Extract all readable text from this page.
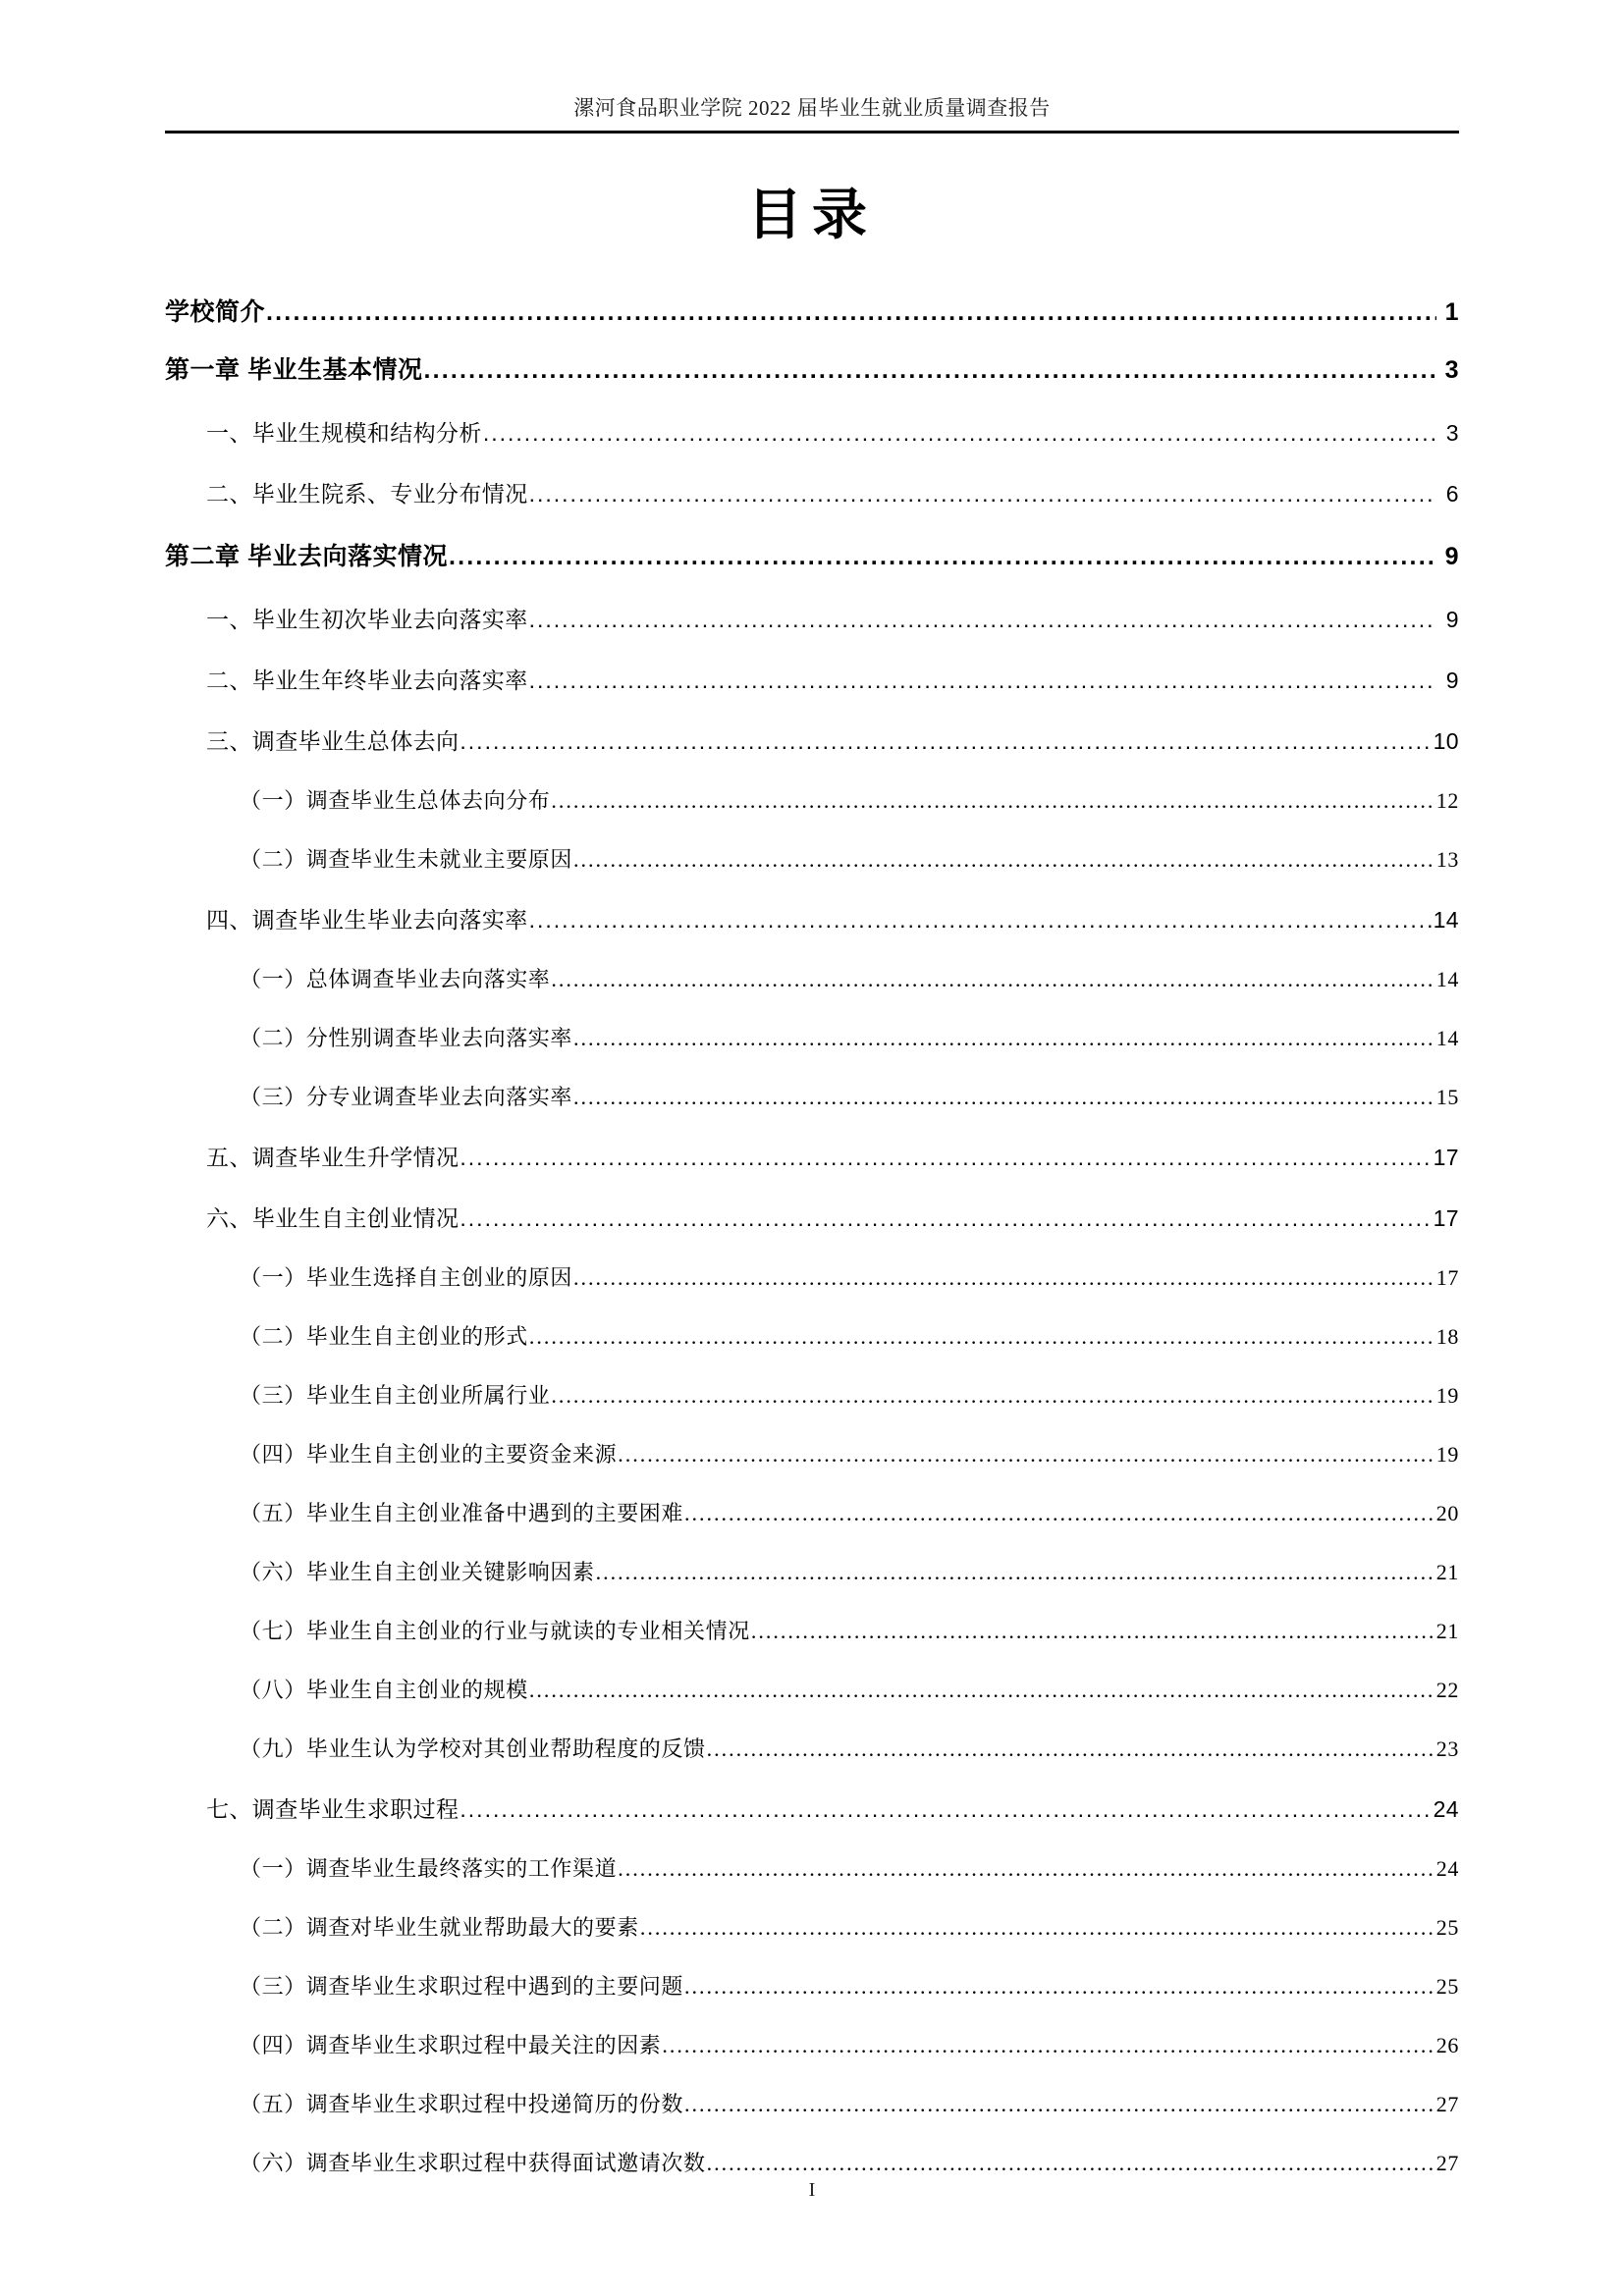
漯河食品职业学院 2022 届毕业生就业质量调查报告
目录
学校简介 .....	1
第一章 毕业生基本情况 .....	3
一、毕业生规模和结构分析 .....	3
二、毕业生院系、专业分布情况 .....	6
第二章 毕业去向落实情况 .....	9
一、毕业生初次毕业去向落实率 .....	9
二、毕业生年终毕业去向落实率 .....	9
三、调查毕业生总体去向 .....	10
（一）调查毕业生总体去向分布 .....	12
（二）调查毕业生未就业主要原因 .....	13
四、调查毕业生毕业去向落实率 .....	14
（一）总体调查毕业去向落实率 .....	14
（二）分性别调查毕业去向落实率 .....	14
（三）分专业调查毕业去向落实率 .....	15
五、调查毕业生升学情况 .....	17
六、毕业生自主创业情况 .....	17
（一）毕业生选择自主创业的原因 .....	17
（二）毕业生自主创业的形式 .....	18
（三）毕业生自主创业所属行业 .....	19
（四）毕业生自主创业的主要资金来源 .....	19
（五）毕业生自主创业准备中遇到的主要困难 .....	20
（六）毕业生自主创业关键影响因素 .....	21
（七）毕业生自主创业的行业与就读的专业相关情况 .....	21
（八）毕业生自主创业的规模 .....	22
（九）毕业生认为学校对其创业帮助程度的反馈 .....	23
七、调查毕业生求职过程 .....	24
（一）调查毕业生最终落实的工作渠道 .....	24
（二）调查对毕业生就业帮助最大的要素 .....	25
（三）调查毕业生求职过程中遇到的主要问题 .....	25
（四）调查毕业生求职过程中最关注的因素 .....	26
（五）调查毕业生求职过程中投递简历的份数 .....	27
（六）调查毕业生求职过程中获得面试邀请次数 .....	27
I
